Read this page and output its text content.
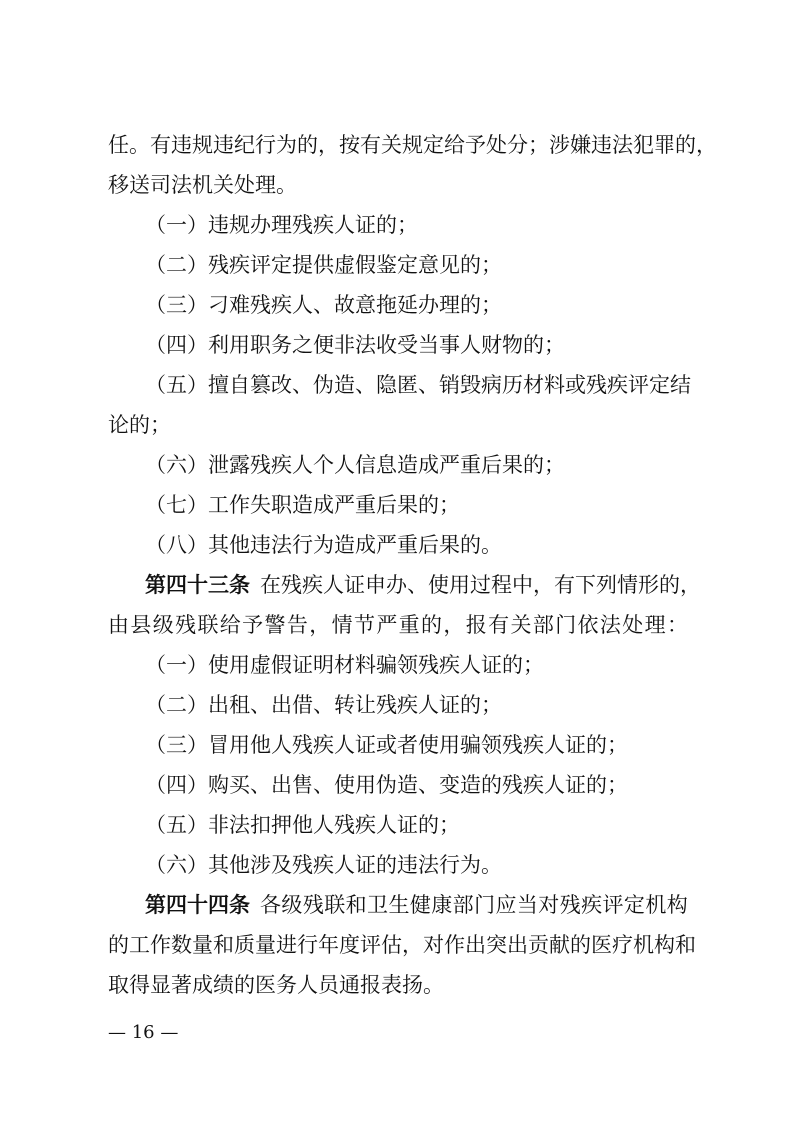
任 。 有 违 规 违 纪 行 为 的 ， 按 有 关 规 定 给 予 处 分 ； 涉 嫌 违 法 犯 罪 的 ，
移送司法机关处理。
（一）违规办理残疾人证的；
（二）残疾评定提供虚假鉴定意见的；
（三）刁难残疾人、故意拖延办理的；
（四）利用职务之便非法收受当事人财物的；
（ 五 ） 擅 自 篡 改 、 伪 造 、 隐 匿 、 销 毁 病 历 材 料 或 残 疾 评 定 结
论的；
（六）泄露残疾人个人信息造成严重后果的；
（七）工作失职造成严重后果的；
（八）其他违法行为造成严重后果的。
第四十三条 在 残 疾 人 证 申 办 、 使 用 过 程 中 ， 有 下 列 情 形 的 ，
由 县 级 残 联 给 予 警 告 ， 情 节 严 重 的 ， 报 有 关 部 门 依 法 处 理 ：
（一）使用虚假证明材料骗领残疾人证的；
（二）出租、出借、转让残疾人证的；
（三）冒用他人残疾人证或者使用骗领残疾人证的；
（四）购买、出售、使用伪造、变造的残疾人证的；
（五）非法扣押他人残疾人证的；
（六）其他涉及残疾人证的违法行为。
第四十四条 各 级 残 联 和 卫 生 健 康 部 门 应 当 对 残 疾 评 定 机 构
的 工 作 数 量 和 质 量 进 行 年 度 评 估 ， 对 作 出 突 出 贡 献 的 医 疗 机 构 和
取得显著成绩的医务人员通报表扬。
— 16 —
